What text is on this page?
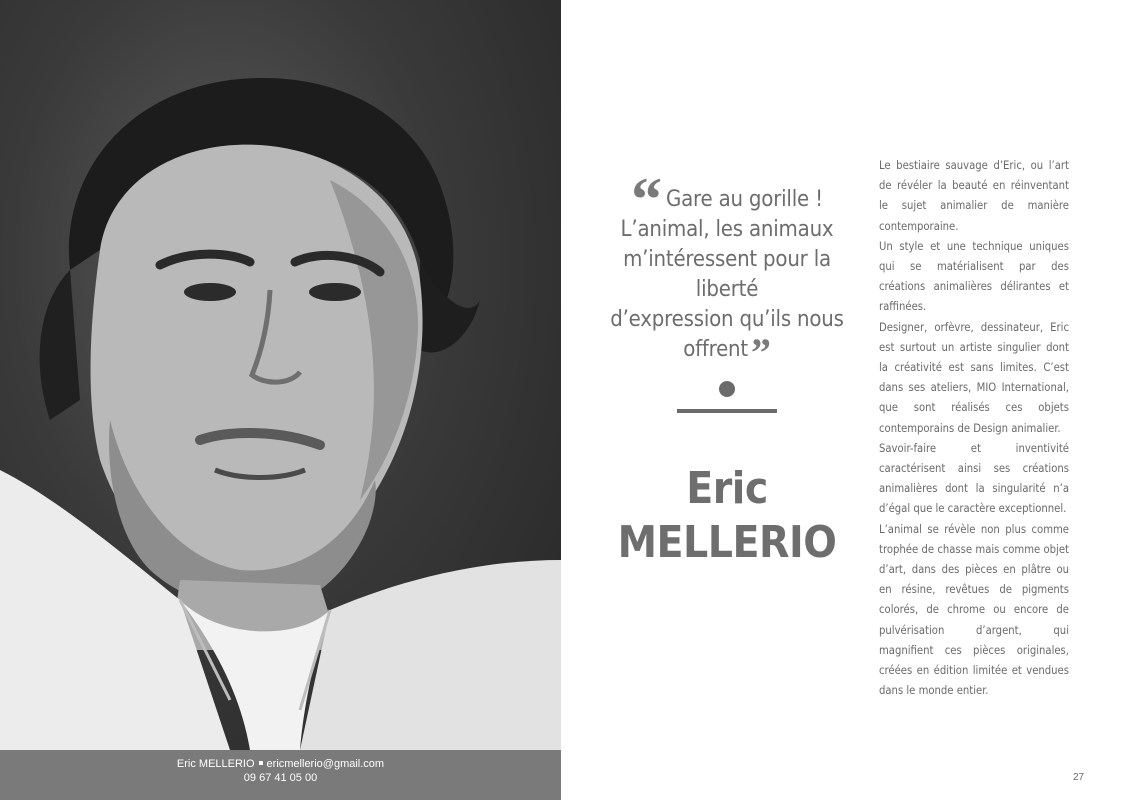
Eric MELLERIO ericmellerio@gmail.com
09 67 41 05 00
“ Gare au gorille !
L’animal, les animaux
m’intéressent pour la liberté
d’expression qu’ils nous
offrent”
Eric
MELLERIO

Le bestiaire sauvage d’Eric, ou l’art de révéler la beauté en réinventant le sujet animalier de manière contemporaine.

Un style et une technique uniques qui se matérialisent par des créations animalières délirantes et raffinées.

Designer, orfèvre, dessinateur, Eric est surtout un artiste singulier dont la créativité est sans limites. C’est dans ses ateliers, MIO International, que sont réalisés ces objets contemporains de Design animalier.

Savoir-faire et inventivité caractérisent ainsi ses créations animalières dont la singularité n’a d’égal que le caractère exceptionnel.

L’animal se révèle non plus comme trophée de chasse mais comme objet d’art, dans des pièces en plâtre ou en résine, revêtues de pigments colorés, de chrome ou encore de pulvérisation d’argent, qui magnifient ces pièces originales, créées en édition limitée et vendues dans le monde entier.

27
